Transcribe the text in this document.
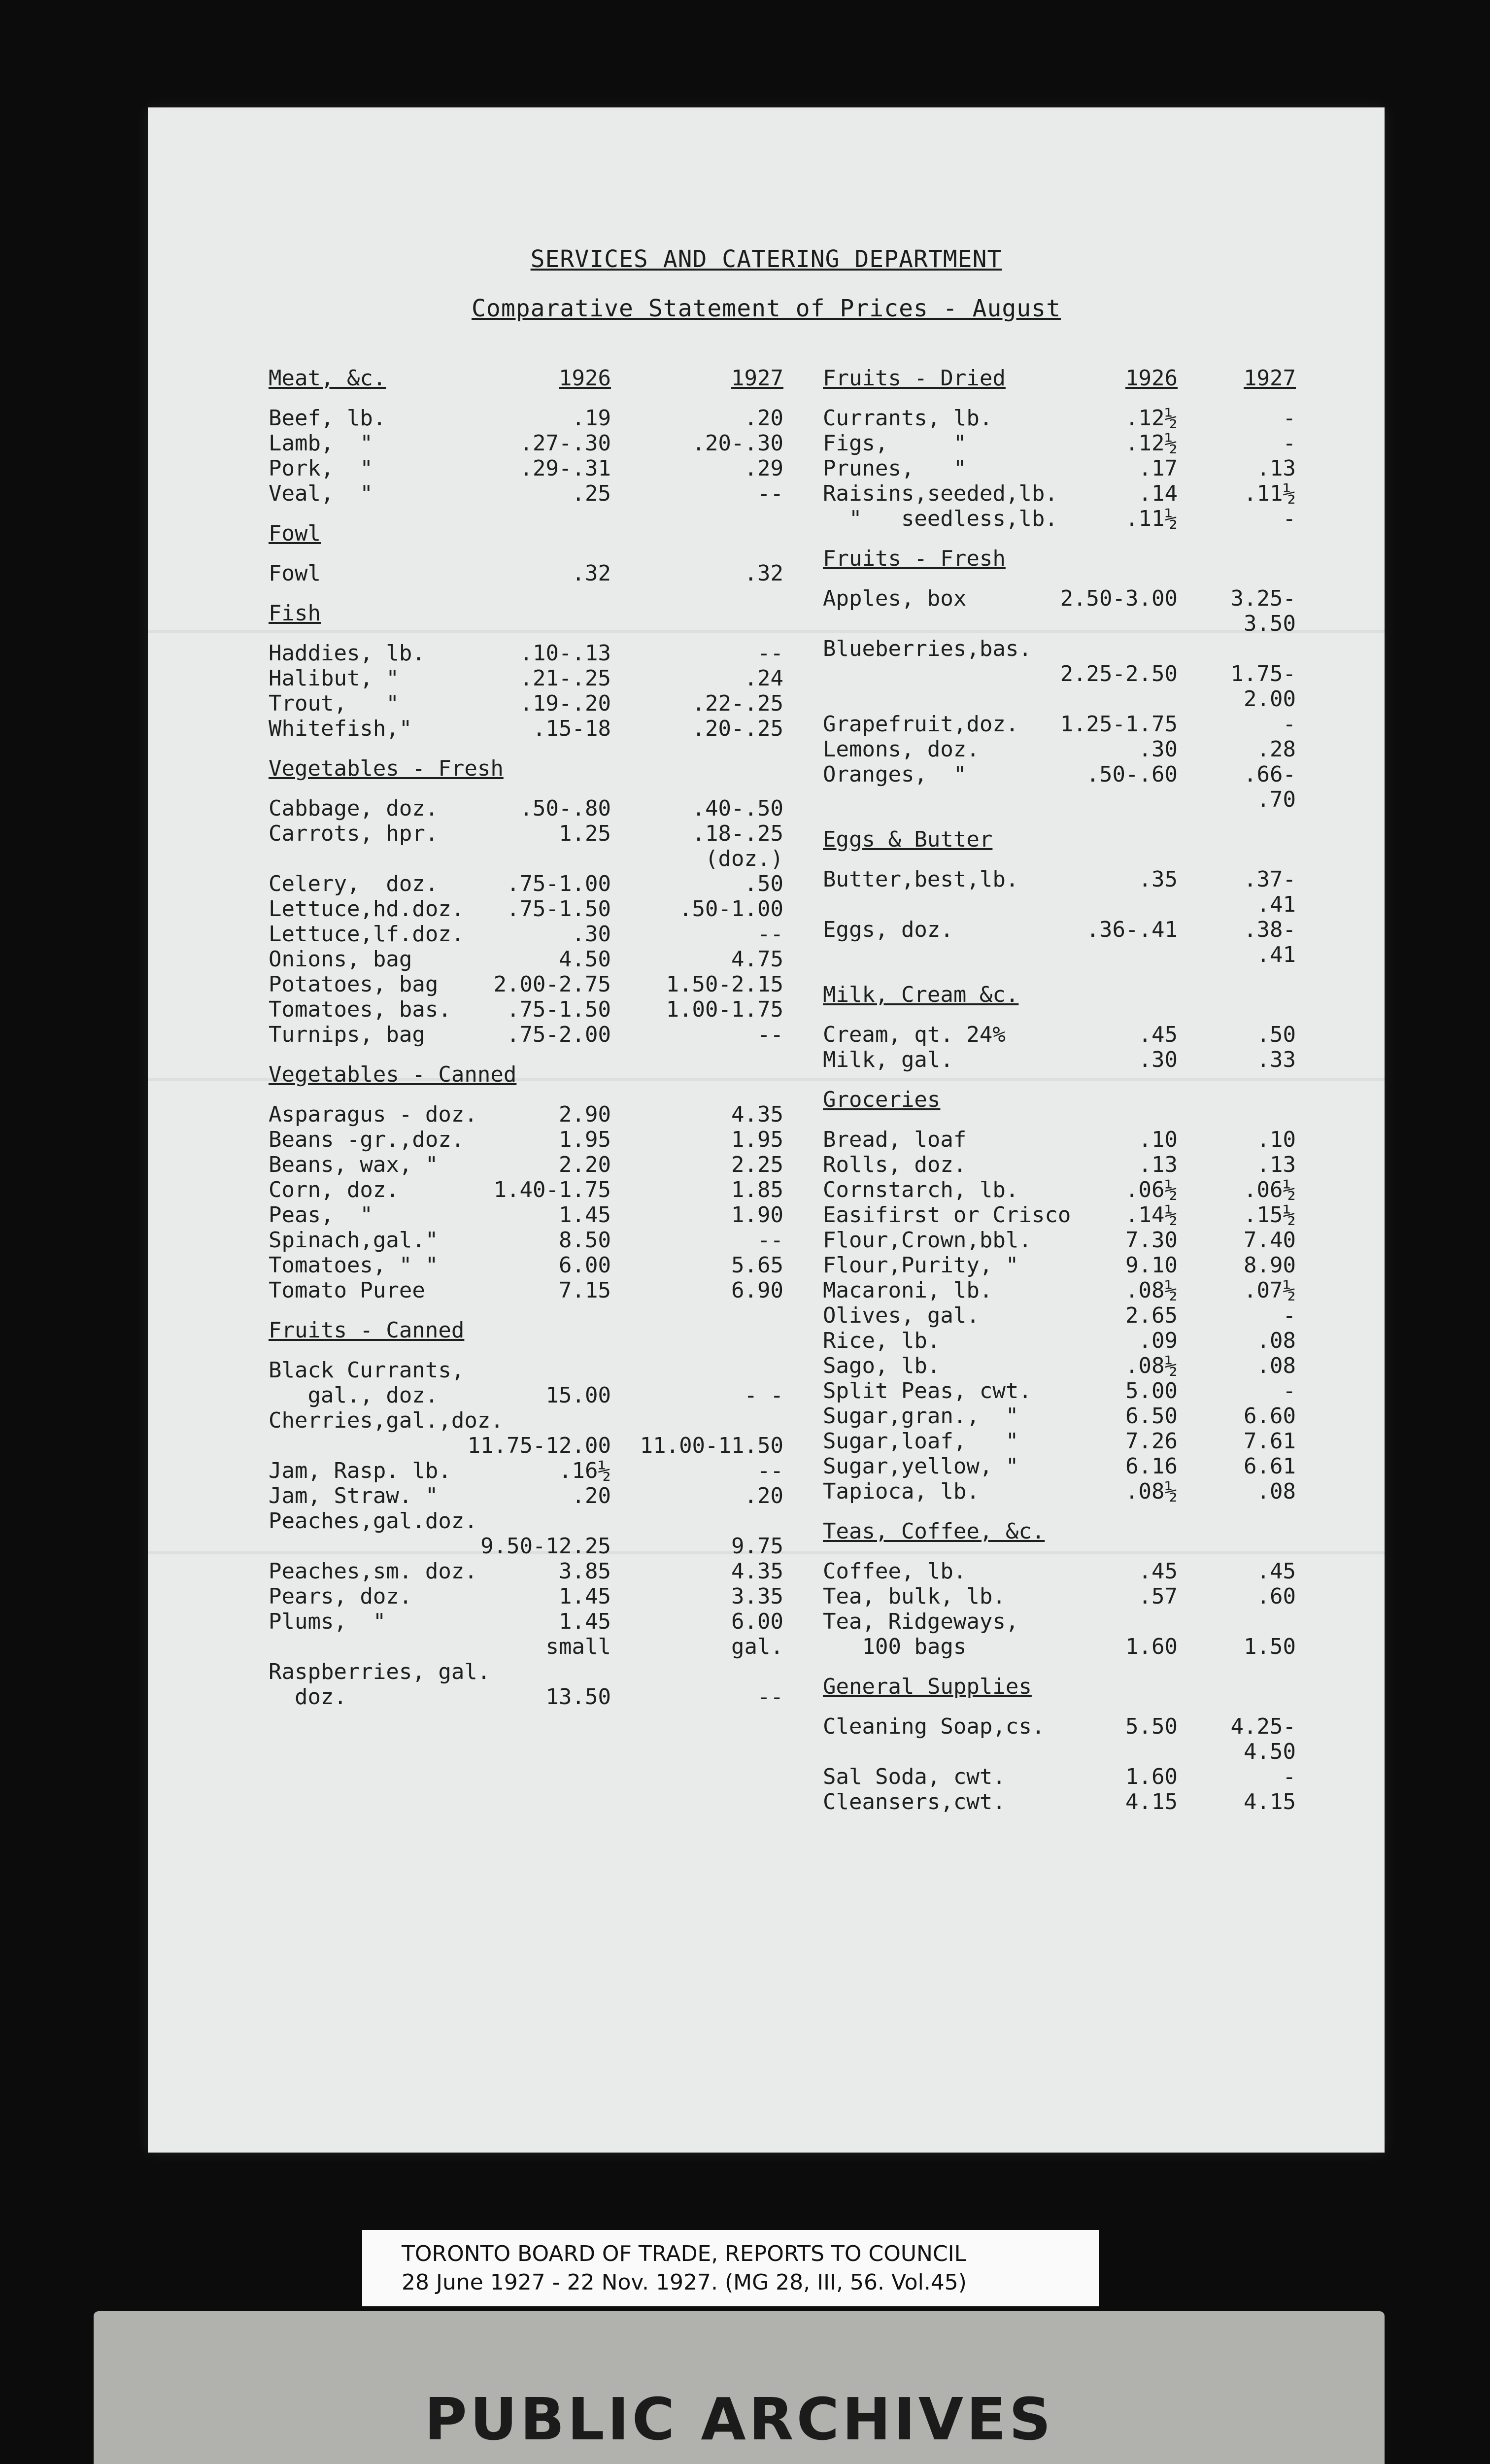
SERVICES AND CATERING DEPARTMENT
Comparative Statement of Prices - August
Meat, &c.	1926	1927
Beef, lb.	.19	.20
Lamb,  "	.27-.30	.20-.30
Pork,  "	.29-.31	.29
Veal,  "	.25	--
Fowl
Fowl	.32	.32
Fish
Haddies, lb.	.10-.13	--
Halibut, "	.21-.25	.24
Trout,   "	.19-.20	.22-.25
Whitefish,"	.15-18	.20-.25
Vegetables - Fresh
Cabbage, doz.	.50-.80	.40-.50
Carrots, hpr.	1.25	.18-.25
(doz.)
Celery,  doz.	.75-1.00	.50
Lettuce,hd.doz. .75-1.50	.50-1.00
Lettuce,lf.doz.	.30	--
Onions, bag	4.50	4.75
Potatoes, bag	2.00-2.75	1.50-2.15
Tomatoes, bas.	.75-1.50	1.00-1.75
Turnips, bag	.75-2.00	--
Vegetables - Canned
Asparagus - doz.	2.90	4.35
Beans -gr.,doz.	1.95	1.95
Beans, wax, "	2.20	2.25
Corn, doz.	1.40-1.75	1.85
Peas,  "	1.45	1.90
Spinach,gal."	8.50	--
Tomatoes, " "	6.00	5.65
Tomato Puree	7.15	6.90
Fruits - Canned
Black Currants,
gal., doz.	15.00	- -
Cherries,gal.,doz.
11.75-12.00 11.00-11.50
Jam, Rasp. lb.	.16½	--
Jam, Straw. "	.20	.20
Peaches,gal.doz.
9.50-12.25	9.75
Peaches,sm. doz.	3.85	4.35
Pears, doz.	1.45	3.35
Plums,  "	1.45	6.00
small	gal.
Raspberries, gal.
doz.	13.50	--
Fruits - Dried	1926	1927
Currants, lb.	.12½	-
Figs,     "	.12½	-
Prunes,   "	.17	.13
Raisins,seeded,lb.	.14	.11½
"   seedless,lb.	.11½	-
Fruits - Fresh
Apples, box	2.50-3.00 3.25-
3.50
Blueberries,bas.
2.25-2.50 1.75-
2.00
Grapefruit,doz. 1.25-1.75	-
Lemons, doz.	.30	.28
Oranges,  "	.50-.60	.66-
.70
Eggs & Butter
Butter,best,lb.	.35	.37-
.41
Eggs, doz.	.36-.41	.38-
.41
Milk, Cream &c.
Cream, qt. 24%	.45	.50
Milk, gal.	.30	.33
Groceries
Bread, loaf	.10	.10
Rolls, doz.	.13	.13
Cornstarch, lb.	.06½	.06½
Easifirst or Crisco	.14½	.15½
Flour,Crown,bbl.	7.30	7.40
Flour,Purity, "	9.10	8.90
Macaroni, lb.	.08½	.07½
Olives, gal.	2.65	-
Rice, lb.	.09	.08
Sago, lb.	.08½	.08
Split Peas, cwt.	5.00	-
Sugar,gran.,  "	6.50	6.60
Sugar,loaf,   "	7.26	7.61
Sugar,yellow, "	6.16	6.61
Tapioca, lb.	.08½	.08
Teas, Coffee, &c.
Coffee, lb.	.45	.45
Tea, bulk, lb.	.57	.60
Tea, Ridgeways,
100 bags	1.60	1.50
General Supplies
Cleaning Soap,cs.	5.50 4.25-
4.50
Sal Soda, cwt.	1.60	-
Cleansers,cwt.	4.15	4.15
TORONTO BOARD OF TRADE, REPORTS TO COUNCIL
28 June 1927 - 22 Nov. 1927. (MG 28, III, 56. Vol.45)
PUBLIC ARCHIVES
